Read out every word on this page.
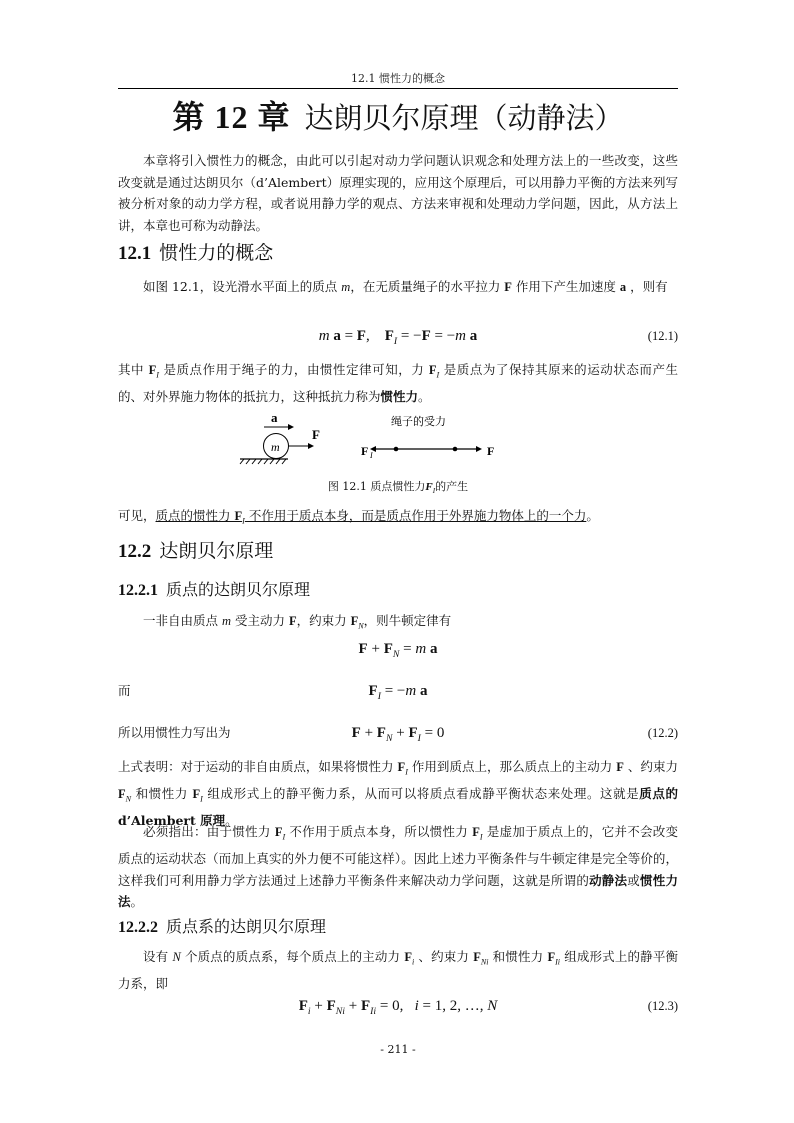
12.1 惯性力的概念
第 12 章 达朗贝尔原理（动静法）

本章将引入惯性力的概念，由此可以引起对动力学问题认识观念和处理方法上的一些改变，这些改变就是通过达朗贝尔（d’Alembert）原理实现的，应用这个原理后，可以用静力平衡的方法来列写被分析对象的动力学方程，或者说用静力学的观点、方法来审视和处理动力学问题，因此，从方法上讲，本章也可称为动静法。

12.1 惯性力的概念

如图 12.1，设光滑水平面上的质点 m，在无质量绳子的水平拉力 F 作用下产生加速度 a ，则有

m a = F,    $F_I = -F = -m$ a	(12.1)

其中 $F_I$ 是质点作用于绳子的力，由惯性定律可知，力 $F_I$ 是质点为了保持其原来的运动状态而产生的、对外界施力物体的抵抗力，这种抵抗力称为惯性力。

a
m
F
绳子的受力
F I	F
图 12.1 质点惯性力$F_I$的产生

可见，质点的惯性力 $F_I$ 不作用于质点本身，而是质点作用于外界施力物体上的一个力。

12.2 达朗贝尔原理
12.2.1 质点的达朗贝尔原理

一非自由质点 m 受主动力 F，约束力 $F_N$，则牛顿定律有

$F + F_N = m$ a
而	$F_I = -m$ a
所以用惯性力写出为	$F + F_N + F_I = 0$	(12.2)

上式表明：对于运动的非自由质点，如果将惯性力 $F_I$ 作用到质点上，那么质点上的主动力 F 、约束力 $F_N$ 和惯性力 $F_I$ 组成形式上的静平衡力系，从而可以将质点看成静平衡状态来处理。这就是质点的 d’Alembert 原理。

必须指出：由于惯性力 $F_I$ 不作用于质点本身，所以惯性力 $F_I$ 是虚加于质点上的，它并不会改变质点的运动状态（而加上真实的外力便不可能这样）。因此上述力平衡条件与牛顿定律是完全等价的，这样我们可利用静力学方法通过上述静力平衡条件来解决动力学问题，这就是所谓的动静法或惯性力法。

12.2.2 质点系的达朗贝尔原理

设有 N 个质点的质点系，每个质点上的主动力 $F_i$ 、约束力 $F_{Ni}$ 和惯性力 $F_{Ii}$ 组成形式上的静平衡力系，即

$F_i + F_{Ni} + F_{Ii} = 0$,   i = 1, 2, …, N	(12.3)
- 211 -
